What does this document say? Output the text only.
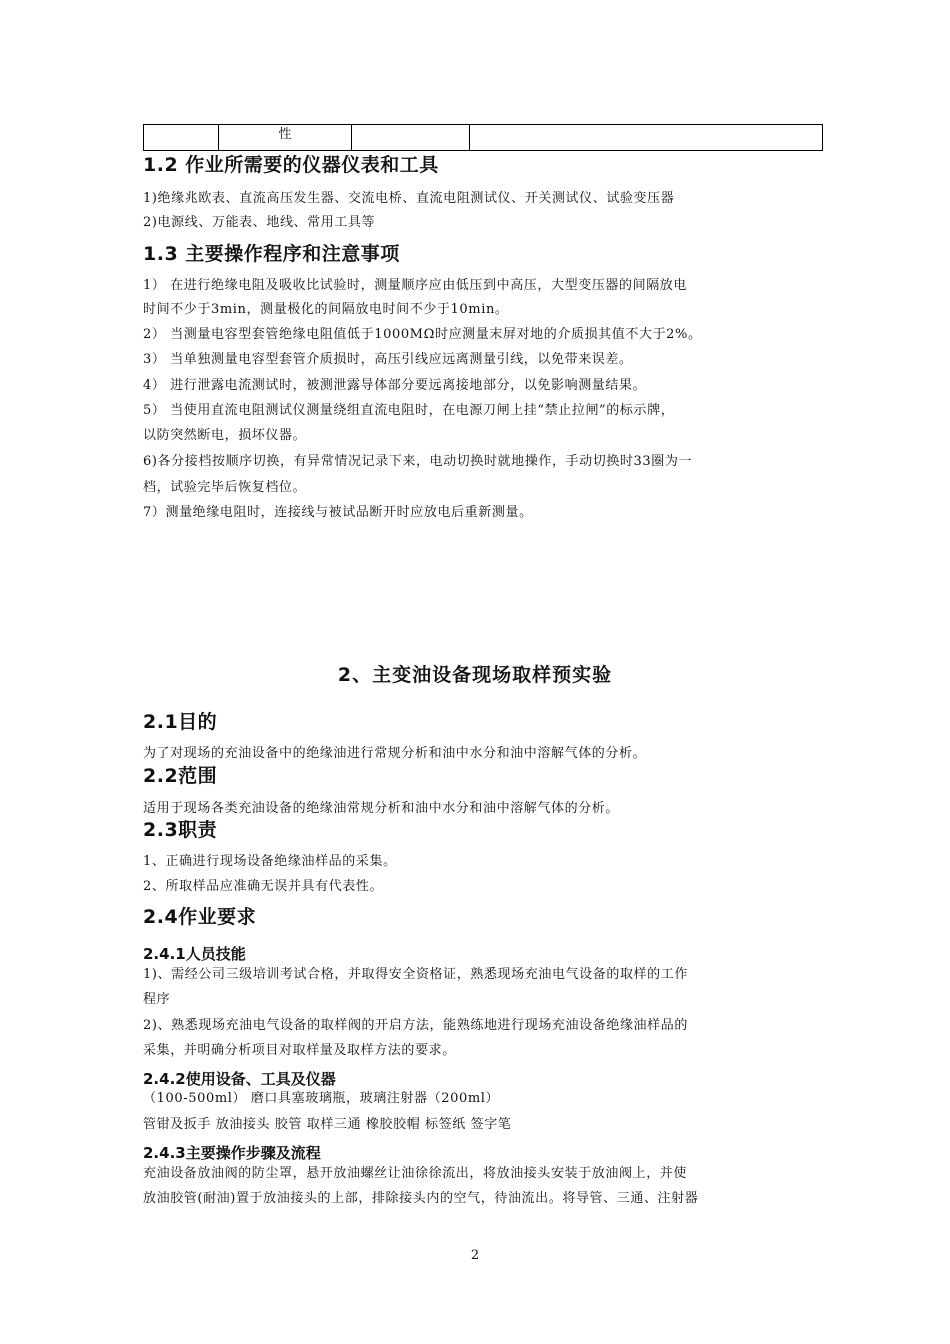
性
1.2 作业所需要的仪器仪表和工具
1)绝缘兆欧表、直流高压发生器、交流电桥、直流电阻测试仪、开关测试仪、试验变压器
2)电源线、万能表、地线、常用工具等
1.3 主要操作程序和注意事项
1） 在进行绝缘电阻及吸收比试验时，测量顺序应由低压到中高压，大型变压器的间隔放电
时间不少于3min，测量极化的间隔放电时间不少于10min。
2） 当测量电容型套管绝缘电阻值低于1000MΩ时应测量末屏对地的介质损其值不大于2%。
3） 当单独测量电容型套管介质损时，高压引线应远离测量引线，以免带来误差。
4） 进行泄露电流测试时，被测泄露导体部分要远离接地部分，以免影响测量结果。
5） 当使用直流电阻测试仪测量绕组直流电阻时，在电源刀闸上挂“禁止拉闸”的标示牌，
以防突然断电，损坏仪器。
6)各分接档按顺序切换，有异常情况记录下来，电动切换时就地操作，手动切换时33圈为一
档，试验完毕后恢复档位。
7）测量绝缘电阻时，连接线与被试品断开时应放电后重新测量。
2、主变油设备现场取样预实验
2.1目的
为了对现场的充油设备中的绝缘油进行常规分析和油中水分和油中溶解气体的分析。
2.2范围
适用于现场各类充油设备的绝缘油常规分析和油中水分和油中溶解气体的分析。
2.3职责
1、正确进行现场设备绝缘油样品的采集。
2、所取样品应准确无误并具有代表性。
2.4作业要求
2.4.1人员技能
1)、需经公司三级培训考试合格，并取得安全资格证，熟悉现场充油电气设备的取样的工作
程序
2)、熟悉现场充油电气设备的取样阀的开启方法，能熟练地进行现场充油设备绝缘油样品的
采集，并明确分析项目对取样量及取样方法的要求。
2.4.2使用设备、工具及仪器
（100-500ml） 磨口具塞玻璃瓶，玻璃注射器（200ml）
管钳及扳手 放油接头 胶管 取样三通 橡胶胶帽 标签纸 签字笔
2.4.3主要操作步骤及流程
充油设备放油阀的防尘罩，悬开放油螺丝让油徐徐流出，将放油接头安装于放油阀上，并使
放油胶管(耐油)置于放油接头的上部，排除接头内的空气，待油流出。将导管、三通、注射器
2
